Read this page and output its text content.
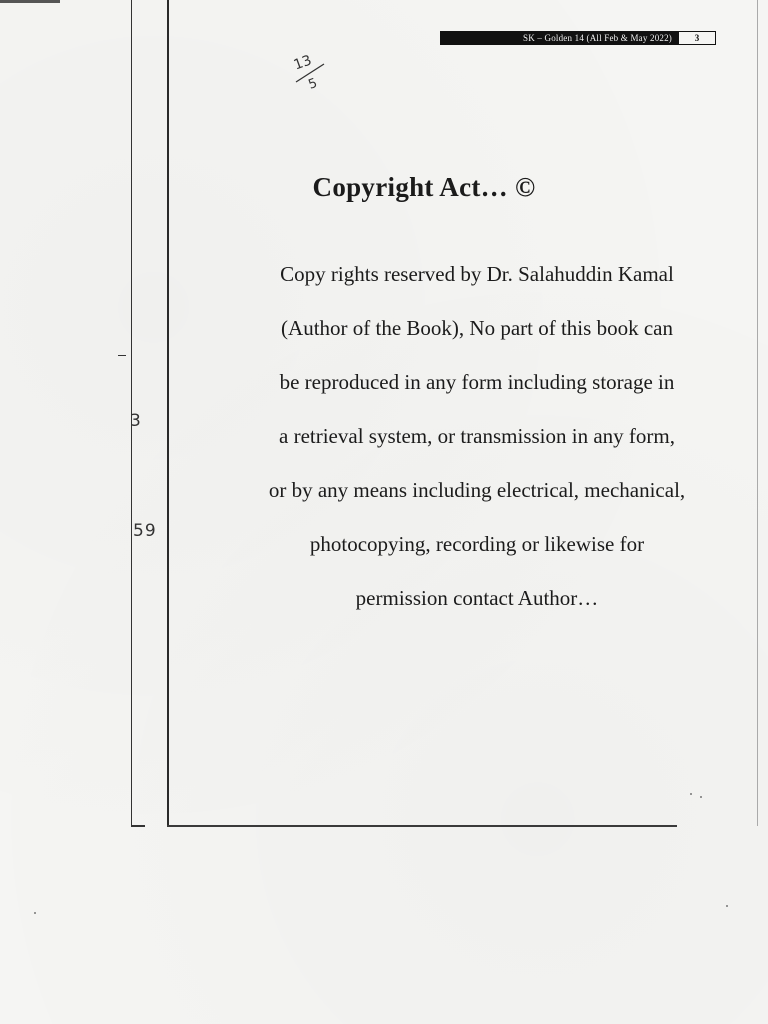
SK – Golden 14 (All Feb & May 2022)	3
13
5
3
59
Copyright Act… ©
Copy rights reserved by Dr. Salahuddin Kamal
(Author of the Book), No part of this book can
be reproduced in any form including storage in
a retrieval system, or transmission in any form,
or by any means including electrical, mechanical,
photocopying, recording or likewise for
permission contact Author…
